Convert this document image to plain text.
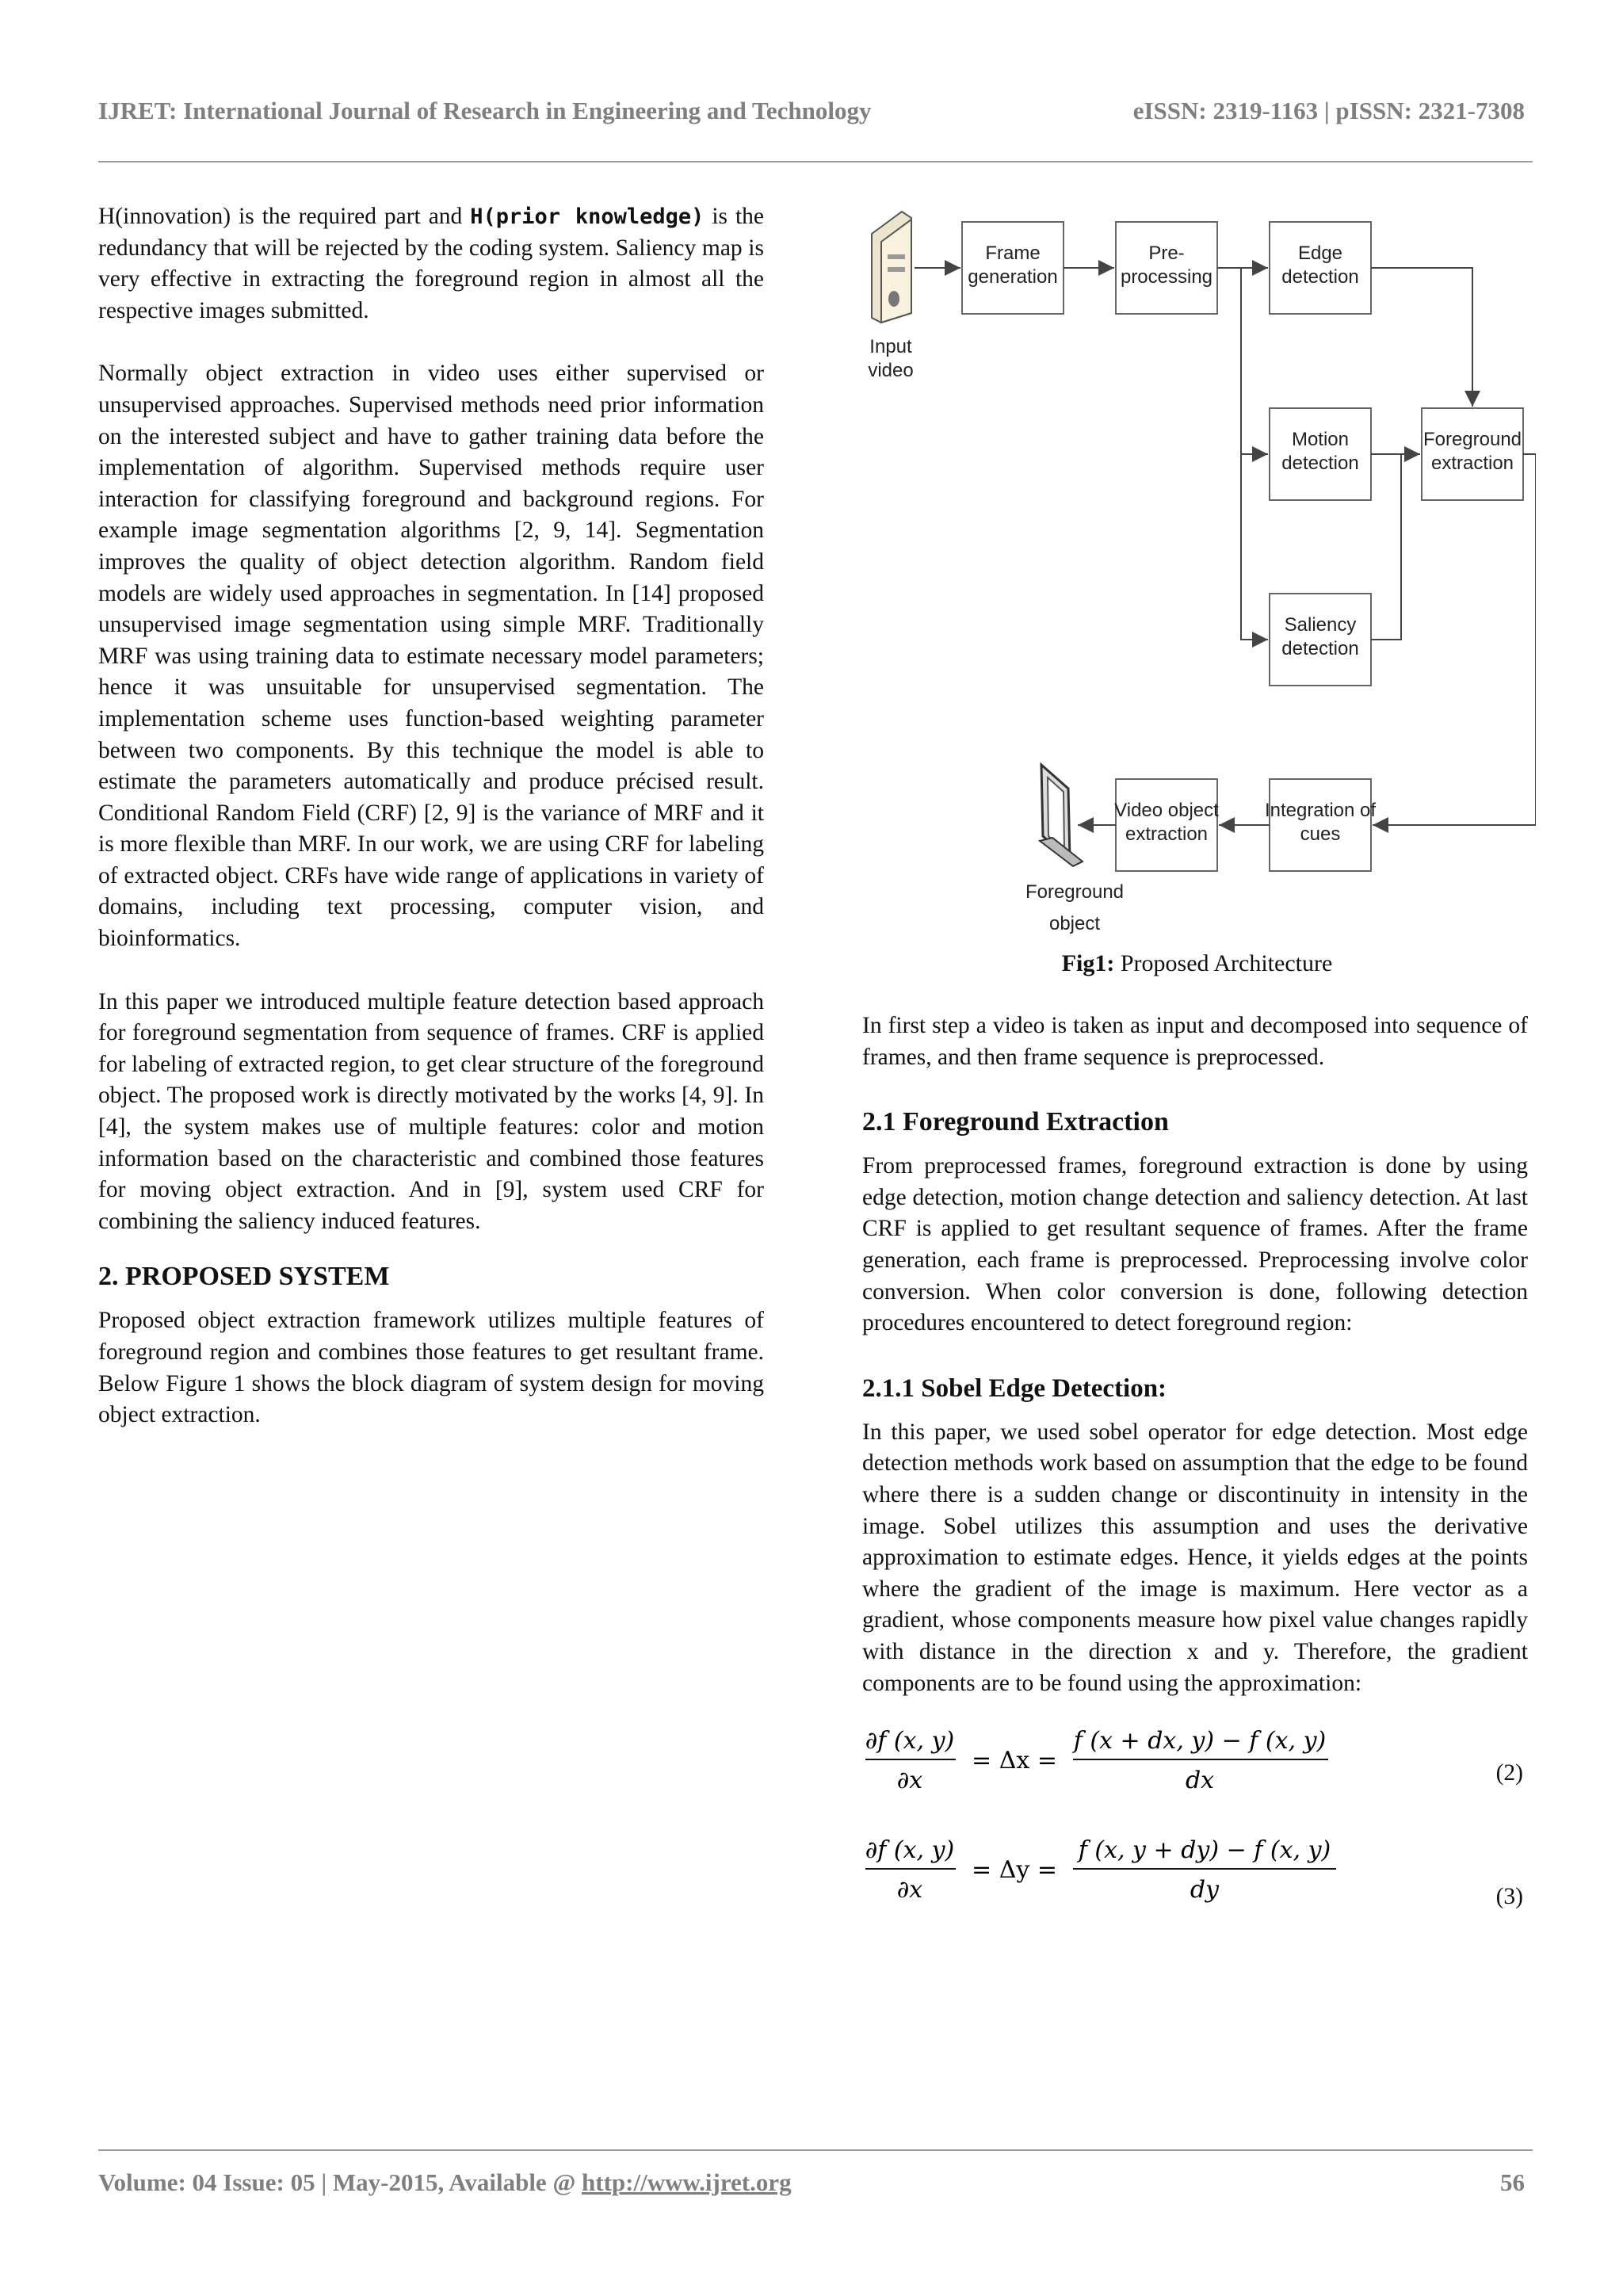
IJRET: International Journal of Research in Engineering and Technology	eISSN: 2319-1163 | pISSN: 2321-7308

H(innovation) is the required part and H(prior knowledge) is the redundancy that will be rejected by the coding system. Saliency map is very effective in extracting the foreground region in almost all the respective images submitted.

Normally object extraction in video uses either supervised or unsupervised approaches. Supervised methods need prior information on the interested subject and have to gather training data before the implementation of algorithm. Supervised methods require user interaction for classifying foreground and background regions. For example image segmentation algorithms [2, 9, 14]. Segmentation improves the quality of object detection algorithm. Random field models are widely used approaches in segmentation. In [14] proposed unsupervised image segmentation using simple MRF. Traditionally MRF was using training data to estimate necessary model parameters; hence it was unsuitable for unsupervised segmentation. The implementation scheme uses function-based weighting parameter between two components. By this technique the model is able to estimate the parameters automatically and produce précised result. Conditional Random Field (CRF) [2, 9] is the variance of MRF and it is more flexible than MRF. In our work, we are using CRF for labeling of extracted object. CRFs have wide range of applications in variety of domains, including text processing, computer vision, and bioinformatics.

In this paper we introduced multiple feature detection based approach for foreground segmentation from sequence of frames. CRF is applied for labeling of extracted region, to get clear structure of the foreground object. The proposed work is directly motivated by the works [4, 9]. In [4], the system makes use of multiple features: color and motion information based on the characteristic and combined those features for moving object extraction. And in [9], system used CRF for combining the saliency induced features.

2. PROPOSED SYSTEM

Proposed object extraction framework utilizes multiple features of foreground region and combines those features to get resultant frame. Below Figure 1 shows the block diagram of system design for moving object extraction.

Input
video
Frame
generation
Pre-
processing
Edge
detection
Motion
detection
Foreground
extraction
Saliency
detection
Integration of
cues
Video object
extraction
Foreground
object
Fig1: Proposed Architecture

In first step a video is taken as input and decomposed into sequence of frames, and then frame sequence is preprocessed.

2.1 Foreground Extraction

From preprocessed frames, foreground extraction is done by using edge detection, motion change detection and saliency detection. At last CRF is applied to get resultant sequence of frames. After the frame generation, each frame is preprocessed. Preprocessing involve color conversion. When color conversion is done, following detection procedures encountered to detect foreground region:

2.1.1 Sobel Edge Detection:

In this paper, we used sobel operator for edge detection. Most edge detection methods work based on assumption that the edge to be found where there is a sudden change or discontinuity in intensity in the image. Sobel utilizes this assumption and uses the derivative approximation to estimate edges. Hence, it yields edges at the points where the gradient of the image is maximum. Here vector as a gradient, whose components measure how pixel value changes rapidly with distance in the direction x and y. Therefore, the gradient components are to be found using the approximation:

∂f (x, y)
∂x
= Δx =
f (x + dx, y) − f (x, y)
dx	(2)
∂f (x, y)
∂x
= Δy =
f (x, y + dy) − f (x, y)
dy	(3)
Volume: 04 Issue: 05 | May-2015, Available @ http://www.ijret.org	56
